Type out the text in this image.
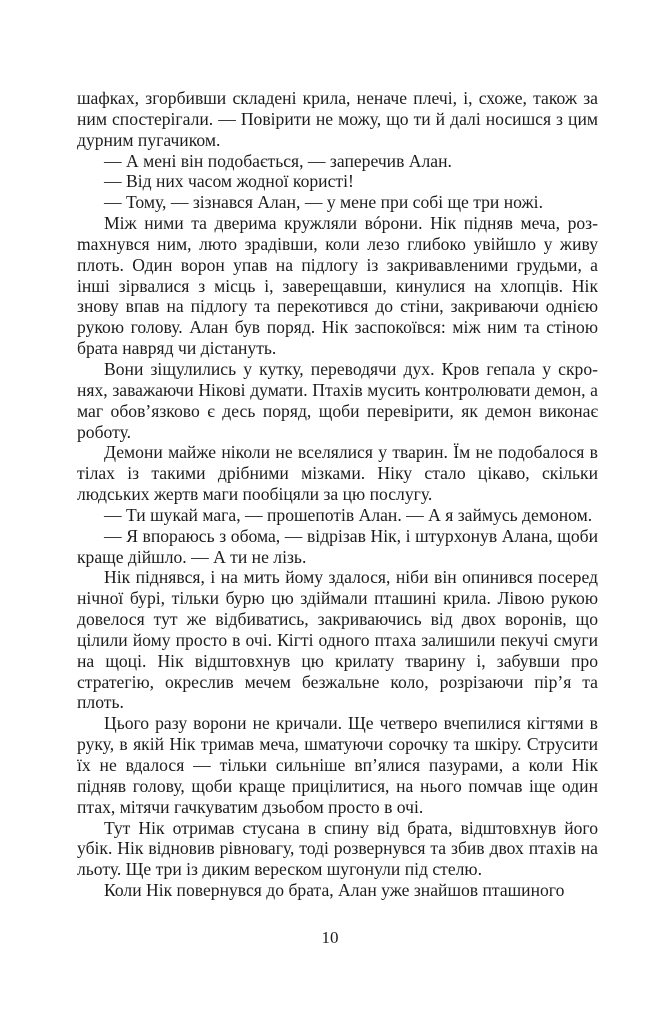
шафках, згорбивши складені крила, неначе плечі, і, схоже, також за ним спостерігали. — Повірити не можу, що ти й далі носишся з цим дурним пугачиком.

— А мені він подобається, — заперечив Алан.

— Від них часом жодної користі!

— Тому, — зізнався Алан, — у мене при собі ще три ножі.

Між ними та дверима кружляли вóрони. Нік підняв меча, розmахнувся ним, люто зрадівши, коли лезо глибоко увійшло у живу плоть. Один ворон упав на підлогу із закривавленими грудьми, а інші зірвалися з місць і, заверещавши, кинулися на хлопців. Нік знову впав на підлогу та перекотився до стіни, закриваючи однією рукою голову. Алан був поряд. Нік заспокоївся: між ним та стіною брата навряд чи дістануть.

Вони зіщулились у кутку, переводячи дух. Кров гепала у скронях, заважаючи Нікові думати. Птахів мусить контролювати демон, а маг обов’язково є десь поряд, щоби перевірити, як демон виконає роботу.

Демони майже ніколи не вселялися у тварин. Їм не подобалося в тілах із такими дрібними мізками. Ніку стало цікаво, скільки людських жертв маги пообіцяли за цю послугу.

— Ти шукай мага, — прошепотів Алан. — А я займусь демоном.

— Я впораюсь з обома, — відрізав Нік, і штурхонув Алана, щоби краще дійшло. — А ти не лізь.

Нік піднявся, і на мить йому здалося, ніби він опинився посеред нічної бурі, тільки бурю цю здіймали пташині крила. Лівою рукою довелося тут же відбиватись, закриваючись від двох воронів, що цілили йому просто в очі. Кігті одного птаха залишили пекучі смуги на щоці. Нік відштовхнув цю крилату тварину і, забувши про стратегію, окреслив мечем безжальне коло, розрізаючи пір’я та плоть.

Цього разу ворони не кричали. Ще четверо вчепилися кігтями в руку, в якій Нік тримав меча, шматуючи сорочку та шкіру. Струсити їх не вдалося — тільки сильніше вп’ялися пазурами, а коли Нік підняв голову, щоби краще прицілитися, на нього помчав іще один птах, мітячи гачкуватим дзьобом просто в очі.

Тут Нік отримав стусана в спину від брата, відштовхнув його убік. Нік відновив рівновагу, тоді розвернувся та збив двох птахів на льоту. Ще три із диким вереском шугонули під стелю.

Коли Нік повернувся до брата, Алан уже знайшов пташиного

10
